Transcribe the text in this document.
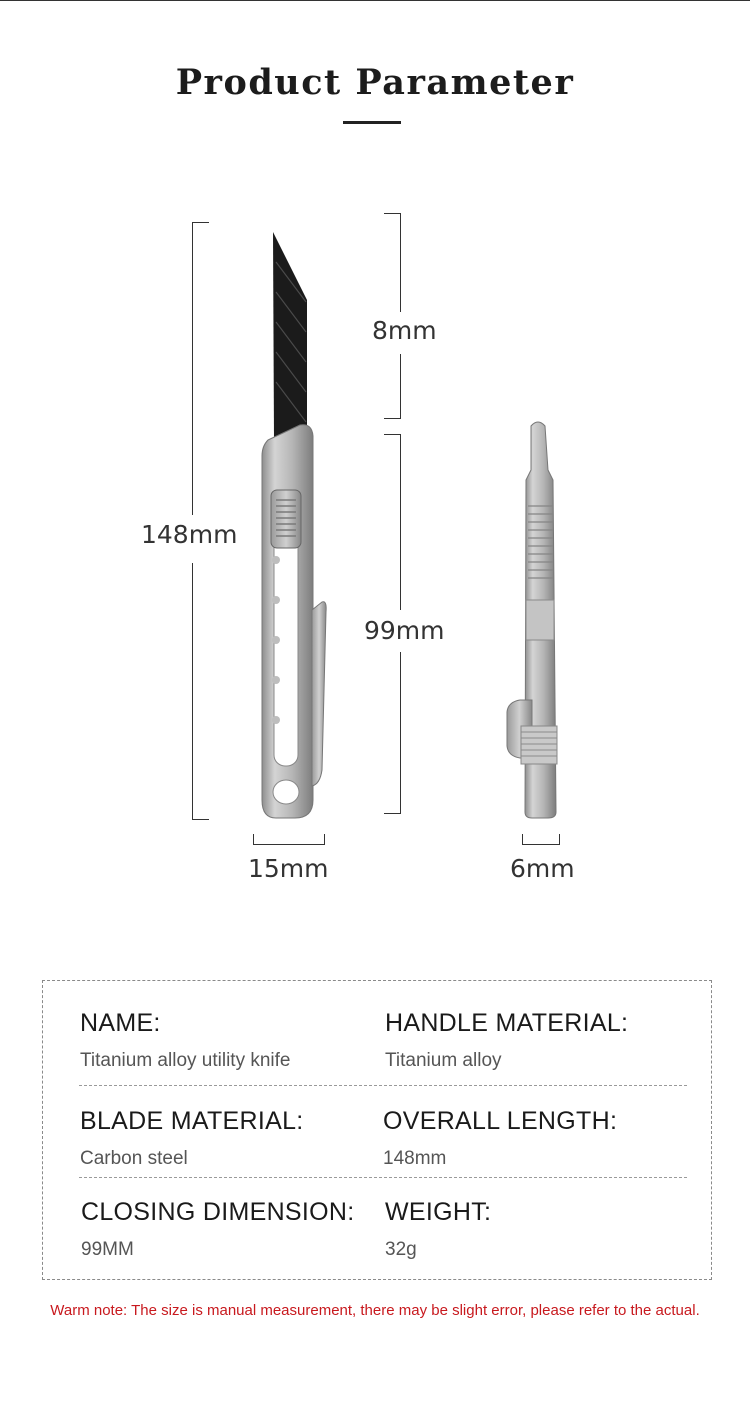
Product Parameter
148mm
8mm
99mm
15mm	6mm
NAME:
Titanium alloy utility knife
HANDLE MATERIAL:
Titanium alloy
BLADE MATERIAL:
Carbon steel
OVERALL LENGTH:
148mm
CLOSING DIMENSION:
99MM
WEIGHT:
32g
Warm note: The size is manual measurement, there may be slight error, please refer to the actual.
